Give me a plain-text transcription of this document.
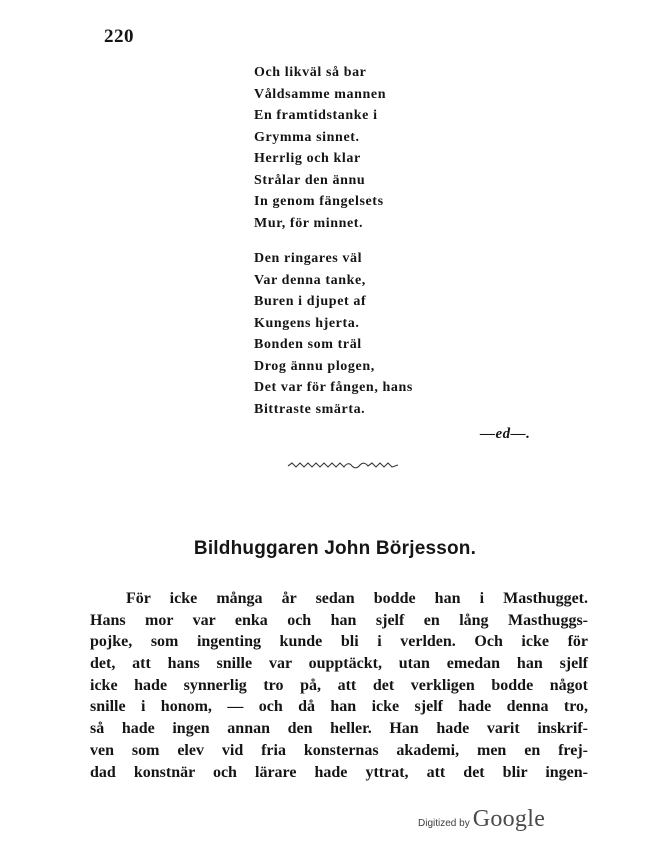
220
Och likväl så bar
Våldsamme mannen
En framtidstanke i
Grymma sinnet.
Herrlig och klar
Strålar den ännu
In genom fängelsets
Mur, för minnet.
Den ringares väl
Var denna tanke,
Buren i djupet af
Kungens hjerta.
Bonden som träl
Drog ännu plogen,
Det var för fången, hans
Bittraste smärta.
—ed—.
Bildhuggaren John Börjesson.
För icke många år sedan bodde han i Masthugget.
Hans mor var enka och han sjelf en lång Masthuggs-
pojke, som ingenting kunde bli i verlden. Och icke för
det, att hans snille var oupptäckt, utan emedan han sjelf
icke hade synnerlig tro på, att det verkligen bodde något
snille i honom, — och då han icke sjelf hade denna tro,
så hade ingen annan den heller. Han hade varit inskrif-
ven som elev vid fria konsternas akademi, men en frej-
dad konstnär och lärare hade yttrat, att det blir ingen-
Digitized by Google
